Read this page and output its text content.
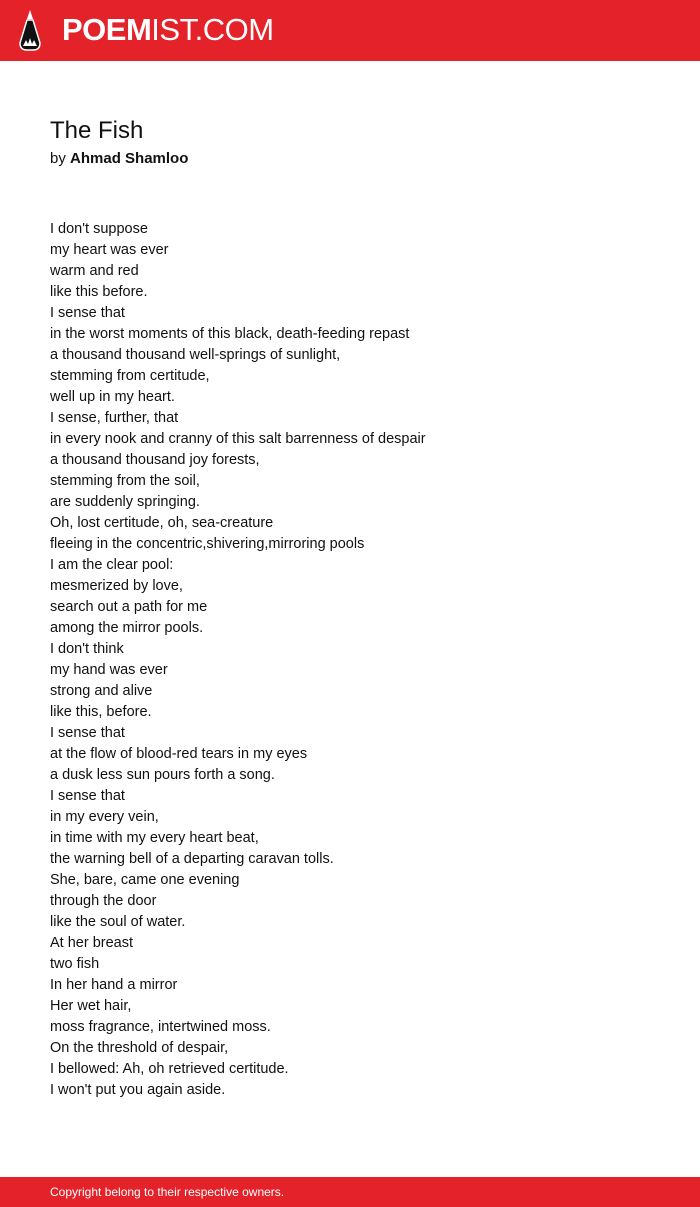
POEMIST.COM
The Fish
by Ahmad Shamloo
I don't suppose
my heart was ever
warm and red
like this before.
I sense that
in the worst moments of this black, death-feeding repast
a thousand thousand well-springs of sunlight,
stemming from certitude,
well up in my heart.
I sense, further, that
in every nook and cranny of this salt barrenness of despair
a thousand thousand joy forests,
stemming from the soil,
are suddenly springing.
Oh, lost certitude, oh, sea-creature
fleeing in the concentric,shivering,mirroring pools
I am the clear pool:
mesmerized by love,
search out a path for me
among the mirror pools.
I don't think
my hand was ever
strong and alive
like this, before.
I sense that
at the flow of blood-red tears in my eyes
a dusk less sun pours forth a song.
I sense that
in my every vein,
in time with my every heart beat,
the warning bell of a departing caravan tolls.
She, bare, came one evening
through the door
like the soul of water.
At her breast
two fish
In her hand a mirror
Her wet hair,
moss fragrance, intertwined moss.
On the threshold of despair,
I bellowed: Ah, oh retrieved certitude.
I won't put you again aside.
Copyright belong to their respective owners.
